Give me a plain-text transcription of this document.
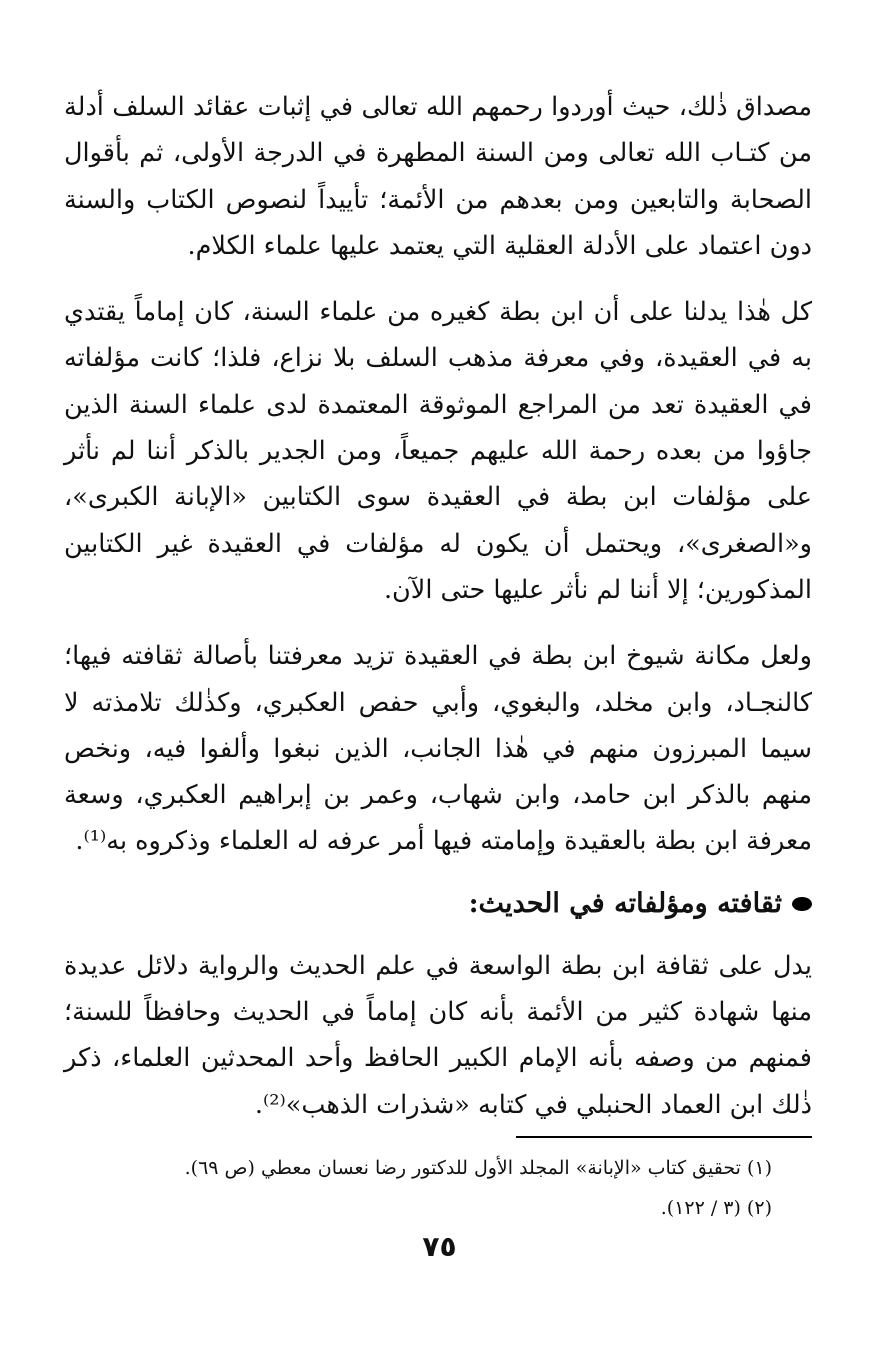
مصداق ذٰلك، حيث أوردوا رحمهم الله تعالى في إثبات عقائد السلف أدلة من كتـاب الله تعالى ومن السنة المطهرة في الدرجة الأولى، ثم بأقوال الصحابة والتابعين ومن بعدهم من الأئمة؛ تأييداً لنصوص الكتاب والسنة دون اعتماد على الأدلة العقلية التي يعتمد عليها علماء الكلام.

كل هٰذا يدلنا على أن ابن بطة كغيره من علماء السنة، كان إماماً يقتدي به في العقيدة، وفي معرفة مذهب السلف بلا نزاع، فلذا؛ كانت مؤلفاته في العقيدة تعد من المراجع الموثوقة المعتمدة لدى علماء السنة الذين جاؤوا من بعده رحمة الله عليهم جميعاً، ومن الجدير بالذكر أننا لم نأثر على مؤلفات ابن بطة في العقيدة سوى الكتابين «الإبانة الكبرى»، و«الصغرى»، ويحتمل أن يكون له مؤلفات في العقيدة غير الكتابين المذكورين؛ إلا أننا لم نأثر عليها حتى الآن.

ولعل مكانة شيوخ ابن بطة في العقيدة تزيد معرفتنا بأصالة ثقافته فيها؛ كالنجـاد، وابن مخلد، والبغوي، وأبي حفص العكبري، وكذٰلك تلامذته لا سيما المبرزون منهم في هٰذا الجانب، الذين نبغوا وألفوا فيه، ونخص منهم بالذكر ابن حامد، وابن شهاب، وعمر بن إبراهيم العكبري، وسعة معرفة ابن بطة بالعقيدة وإمامته فيها أمر عرفه له العلماء وذكروه به⁽¹⁾.

ثقافته ومؤلفاته في الحديث:

يدل على ثقافة ابن بطة الواسعة في علم الحديث والرواية دلائل عديدة منها شهادة كثير من الأئمة بأنه كان إماماً في الحديث وحافظاً للسنة؛ فمنهم من وصفه بأنه الإمام الكبير الحافظ وأحد المحدثين العلماء، ذكر ذٰلك ابن العماد الحنبلي في كتابه «شذرات الذهب»⁽²⁾.

(١) تحقيق كتاب «الإبانة» المجلد الأول للدكتور رضا نعسان معطي (ص ٦٩).

(٢) (٣ / ١٢٢).

٧٥
